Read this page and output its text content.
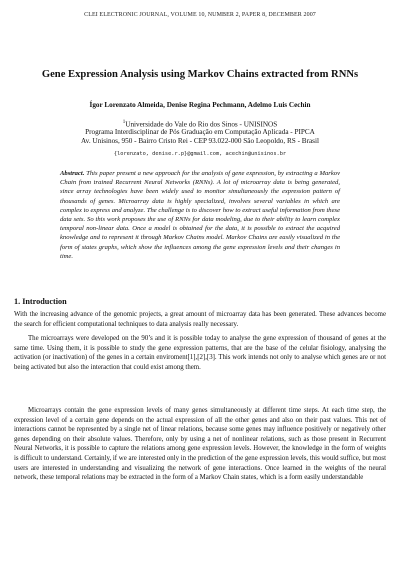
CLEI ELECTRONIC JOURNAL, VOLUME 10, NUMBER 2, PAPER 8, DECEMBER 2007
Gene Expression Analysis using Markov Chains extracted from RNNs
Ígor Lorenzato Almeida, Denise Regina Pechmann, Adelmo Luis Cechin
$^1$Universidade do Vale do Rio dos Sinos - UNISINOS
Programa Interdisciplinar de Pós Graduação em Computação Aplicada - PIPCA
Av. Unisinos, 950 - Bairro Cristo Rei - CEP 93.022-000 São Leopoldo, RS - Brasil
{lorenzato, denise.r.p}@gmail.com, acechin@unisinos.br
Abstract. This paper present a new approach for the analysis of gene expression, by extracting a Markov Chain from trained Recurrent Neural Networks (RNNs). A lot of microarray data is being generated, since array technologies have been widely used to monitor simultaneously the expression pattern of thousands of genes. Microarray data is highly specialized, involves several variables in which are complex to express and analyze. The challenge is to discover how to extract useful information from these data sets. So this work proposes the use of RNNs for data modeling, due to their ability to learn complex temporal non-linear data. Once a model is obtained for the data, it is possible to extract the acquired knowledge and to represent it through Markov Chains model. Markov Chains are easily visualized in the form of states graphs, which show the influences among the gene expression levels and their changes in time.
1. Introduction
With the increasing advance of the genomic projects, a great amount of microarray data has been generated. These advances become the search for efficient computational techniques to data analysis really necessary.
The microarrays were developed on the 90’s and it is possible today to analyse the gene expression of thousand of genes at the same time. Using them, it is possible to study the gene expression patterns, that are the base of the celular fisiology, analysing the activation (or inactivation) of the genes in a certain enviroment[1],[2],[3]. This work intends not only to analyse which genes are or not being activated but also the interaction that could exist among them.
Microarrays contain the gene expression levels of many genes simultaneously at different time steps. At each time step, the expression level of a certain gene depends on the actual expression of all the other genes and also on their past values. This net of interactions cannot be represented by a single net of linear relations, because some genes may influence positively or negatively other genes depending on their absolute values. Therefore, only by using a net of nonlinear relations, such as those present in Recurrent Neural Networks, it is possible to capture the relations among gene expression levels. However, the knowledge in the form of weights is difficult to understand. Certainly, if we are interested only in the prediction of the gene expression levels, this would suffice, but most users are interested in understanding and visualizing the network of gene interactions. Once learned in the weights of the neural network, these temporal relations may be extracted in the form of a Markov Chain states, which is a form easily understandable
